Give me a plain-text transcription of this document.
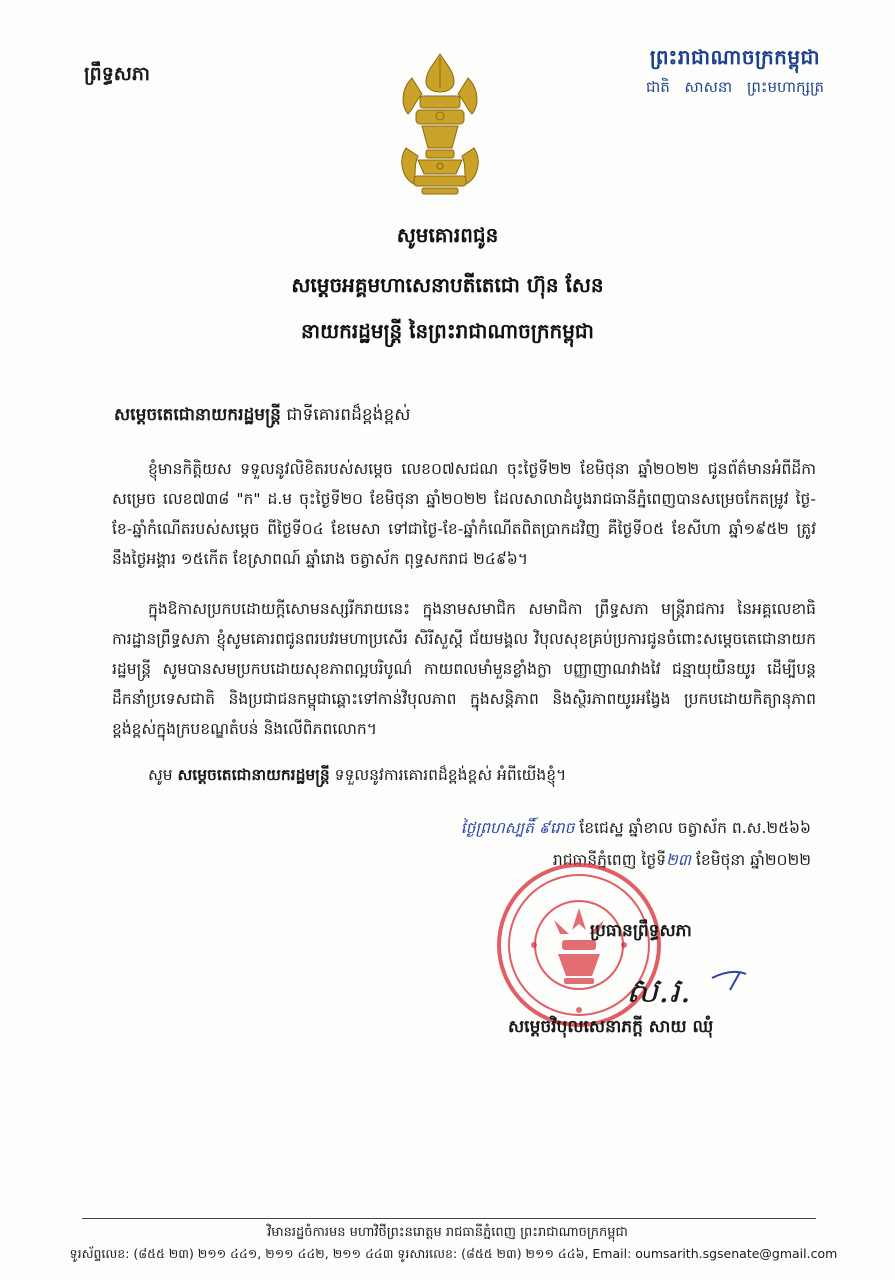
ព្រឹទ្ធសភា
ព្រះរាជាណាចក្រកម្ពុជា
ជាតិ សាសនា ព្រះមហាក្សត្រ
សូមគោរពជូន
សម្តេចអគ្គមហាសេនាបតីតេជោ ហ៊ុន សែន
នាយករដ្ឋមន្ត្រី នៃព្រះរាជាណាចក្រកម្ពុជា
សម្តេចតេជោនាយករដ្ឋមន្ត្រី ជាទីគោរពដ៏ខ្ពង់ខ្ពស់
ខ្ញុំមានកិត្តិយស ទទួលនូវលិខិតរបស់សម្តេច លេខ០៧សជណ ចុះថ្ងៃទី២២ ខែមិថុនា ឆ្នាំ២០២២ ជូនព័ត៌មានអំពីដីកាសម្រេច លេខ៧៣៨ "ក" ដ.ម ចុះថ្ងៃទី២០ ខែមិថុនា ឆ្នាំ២០២២ ដែលសាលាដំបូងរាជធានីភ្នំពេញបានសម្រេចកែតម្រូវ ថ្ងៃ-ខែ-ឆ្នាំកំណើតរបស់សម្តេច ពីថ្ងៃទី០៤ ខែមេសា ទៅជាថ្ងៃ-ខែ-ឆ្នាំកំណើតពិតប្រាកដវិញ គឺថ្ងៃទី០៥ ខែសីហា ឆ្នាំ១៩៥២ ត្រូវនឹងថ្ងៃអង្គារ ១៥កើត ខែស្រាពណ៍ ឆ្នាំរោង ចត្វាស័ក ពុទ្ធសករាជ ២៤៩៦។
ក្នុងឱកាសប្រកបដោយក្តីសោមនស្សរីករាយនេះ ក្នុងនាមសមាជិក សមាជិកា ព្រឹទ្ធសភា មន្ត្រីរាជការ នៃអគ្គលេខាធិការដ្ឋានព្រឹទ្ធសភា ខ្ញុំសូមគោរពជូនពរបវរមហាប្រសើរ សិរីសួស្តី ជ័យមង្គល វិបុលសុខគ្រប់ប្រការជូនចំពោះសម្តេចតេជោនាយករដ្ឋមន្ត្រី សូមបានសមប្រកបដោយសុខភាពល្អបរិបូណ៌ កាយពលមាំមួនខ្លាំងក្លា បញ្ញាញាណវាងវៃ ជន្មាយុយឺនយូរ ដើម្បីបន្តដឹកនាំប្រទេសជាតិ និងប្រជាជនកម្ពុជាឆ្ពោះទៅកាន់វិបុលភាព ក្នុងសន្តិភាព និងស្ថិរភាពយូរអង្វែង ប្រកបដោយកិត្យានុភាពខ្ពង់ខ្ពស់ក្នុងក្របខណ្ឌតំបន់ និងលើពិភពលោក។
សូម សម្តេចតេជោនាយករដ្ឋមន្ត្រី ទទួលនូវការគោរពដ៏ខ្ពង់ខ្ពស់ អំពីយើងខ្ញុំ។
ថ្ងៃព្រហស្បតិ៍ ៩រោច ខែជេស្ឋ ឆ្នាំខាល ចត្វាស័ក ព.ស.២៥៦៦
រាជធានីភ្នំពេញ ថ្ងៃទី២៣ ខែមិថុនា ឆ្នាំ២០២២
ប្រធានព្រឹទ្ធសភា
ស.រ.
សម្តេចវិបុលសេនាភក្តី សាយ ឈុំ
វិមានរដ្ឋចំការមន មហាវិថីព្រះនរោត្តម រាជធានីភ្នំពេញ ព្រះរាជាណាចក្រកម្ពុជា
ទូរស័ព្ទលេខ: (៨៥៥ ២៣) ២១១ ៤៤១, ២១១ ៤៤២, ២១១ ៤៤៣ ទូរសារលេខ: (៨៥៥ ២៣) ២១១ ៤៤៦, Email: oumsarith.sgsenate@gmail.com
